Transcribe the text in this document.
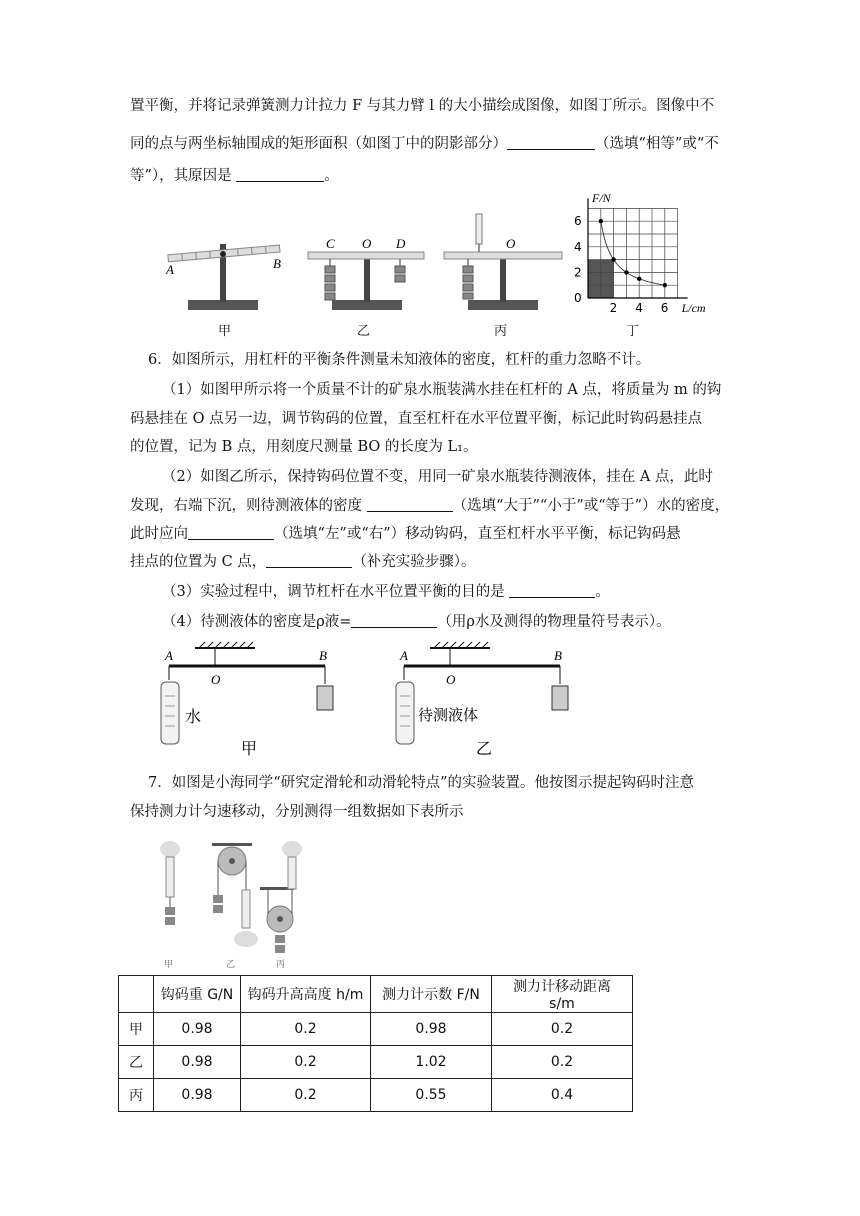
置平衡，并将记录弹簧测力计拉力 F 与其力臂 l 的大小描绘成图像，如图丁所示。图像中不
同的点与两坐标轴围成的矩形面积（如图丁中的阴影部分）	（选填“相等”或“不
等”），其原因是	。
A	B
甲
C O D
乙
O
丙
2 4 6
0
2
4
6
F/N
L/cm
丁
6．如图所示，用杠杆的平衡条件测量未知液体的密度，杠杆的重力忽略不计。
（1）如图甲所示将一个质量不计的矿泉水瓶装满水挂在杠杆的 A 点，将质量为 m 的钩
码悬挂在 O 点另一边，调节钩码的位置，直至杠杆在水平位置平衡，标记此时钩码悬挂点
的位置，记为 B 点，用刻度尺测量 BO 的长度为 L₁。
（2）如图乙所示，保持钩码位置不变，用同一矿泉水瓶装待测液体，挂在 A 点，此时
发现，右端下沉，则待测液体的密度	（选填“大于”“小于”或“等于”）水的密度，
此时应向	（选填“左”或“右”）移动钩码，直至杠杆水平平衡，标记钩码悬
挂点的位置为 C 点，	（补充实验步骤）。
（3）实验过程中，调节杠杆在水平位置平衡的目的是	。
（4）待测液体的密度是ρ液=	（用ρ水及测得的物理量符号表示）。
A
O
B
水
甲
A
O
B
待测液体
乙
7．如图是小海同学“研究定滑轮和动滑轮特点”的实验装置。他按图示提起钩码时注意
保持测力计匀速移动，分别测得一组数据如下表所示
甲	乙	丙
	钩码重 G/N	钩码升高高度 h/m	测力计示数 F/N	测力计移动距离 s/m
甲	0.98	0.2	0.98	0.2
乙	0.98	0.2	1.02	0.2
丙	0.98	0.2	0.55	0.4
